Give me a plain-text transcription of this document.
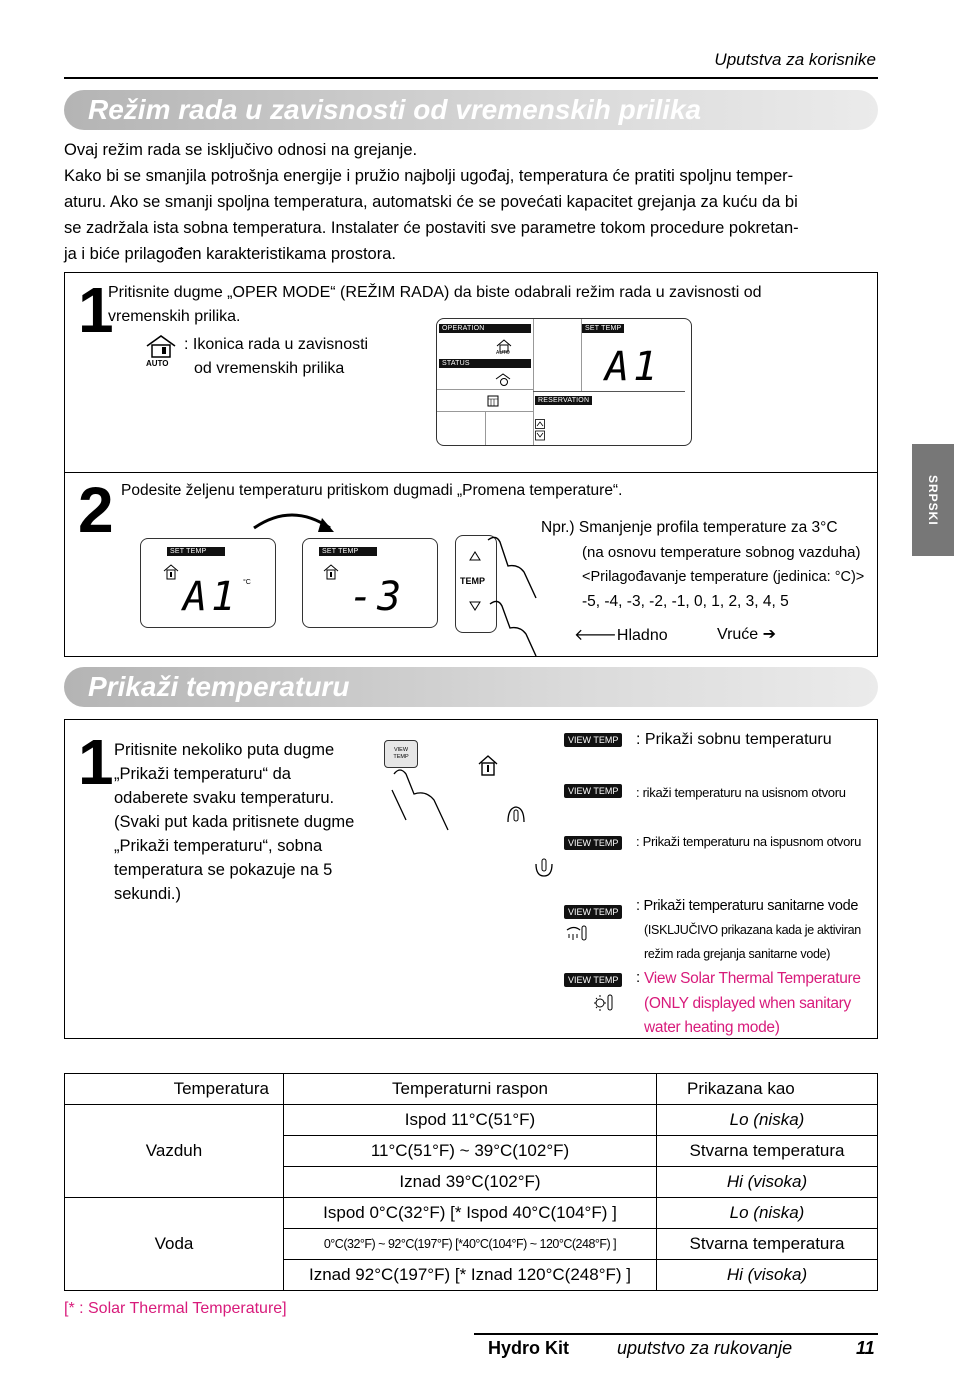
Uputstva za korisnike
Režim rada u zavisnosti od vremenskih prilika
Ovaj režim rada se isključivo odnosi na grejanje.
Kako bi se smanjila potrošnja energije i pružio najbolji ugođaj, temperatura će pratiti spoljnu temper-
aturu. Ako se smanji spoljna temperatura, automatski će se povećati kapacitet grejanja za kuću da bi
se zadržala ista sobna temperatura. Instalater će postaviti sve parametre tokom procedure pokretan-
ja i biće prilagođen karakteristikama prostora.
1
Pritisnite dugme „OPER MODE“ (REŽIM RADA) da biste odabrali režim rada u zavisnosti od
vremenskih prilika.
AUTO
: Ikonica rada u zavisnosti
od vremenskih prilika
OPERATION
AUTO
STATUS
SET TEMP
A1
RESERVATION
2 Podesite željenu temperaturu pritiskom dugmadi „Promena temperature“.
SET TEMP
A1 °C
SET TEMP
-3	TEMP
Npr.) Smanjenje profila temperature za 3°C
(na osnovu temperature sobnog vazduha)
<Prilagođavanje temperature (jedinica: °C)>
-5, -4, -3, -2, -1, 0, 1, 2, 3, 4, 5
🡐Hladno	Vruće ➔
Prikaži temperaturu
1 Pritisnite nekoliko puta dugme
„Prikaži temperaturu“ da
odaberete svaku temperaturu.
(Svaki put kada pritisnete dugme
„Prikaži temperaturu“, sobna
temperatura se pokazuje na 5
sekundi.)
VIEW
TEMP
VIEW TEMP : Prikaži sobnu temperaturu
VIEW TEMP	: rikaži temperaturu na usisnom otvoru
VIEW TEMP	: Prikaži temperaturu na ispusnom otvoru
VIEW TEMP : Prikaži temperaturu sanitarne vode
(ISKLJUČIVO prikazana kada je aktiviran
režim rada grejanja sanitarne vode)
VIEW TEMP : View Solar Thermal Temperature
(ONLY displayed when sanitary
water heating mode)
Temperatura	Temperaturni raspon	Prikazana kao
Vazduh	Ispod 11°C(51°F)	Lo (niska)
	11°C(51°F) ~ 39°C(102°F)	Stvarna temperatura
	Iznad 39°C(102°F)	Hi (visoka)
Voda	Ispod 0°C(32°F) [* Ispod 40°C(104°F) ]	Lo (niska)
	0°C(32°F) ~ 92°C(197°F) [*40°C(104°F) ~ 120°C(248°F) ]	Stvarna temperatura
	Iznad 92°C(197°F) [* Iznad 120°C(248°F) ]	Hi (visoka)
[* : Solar Thermal Temperature]
SRPSKI
Hydro Kit	uputstvo za rukovanje	11
